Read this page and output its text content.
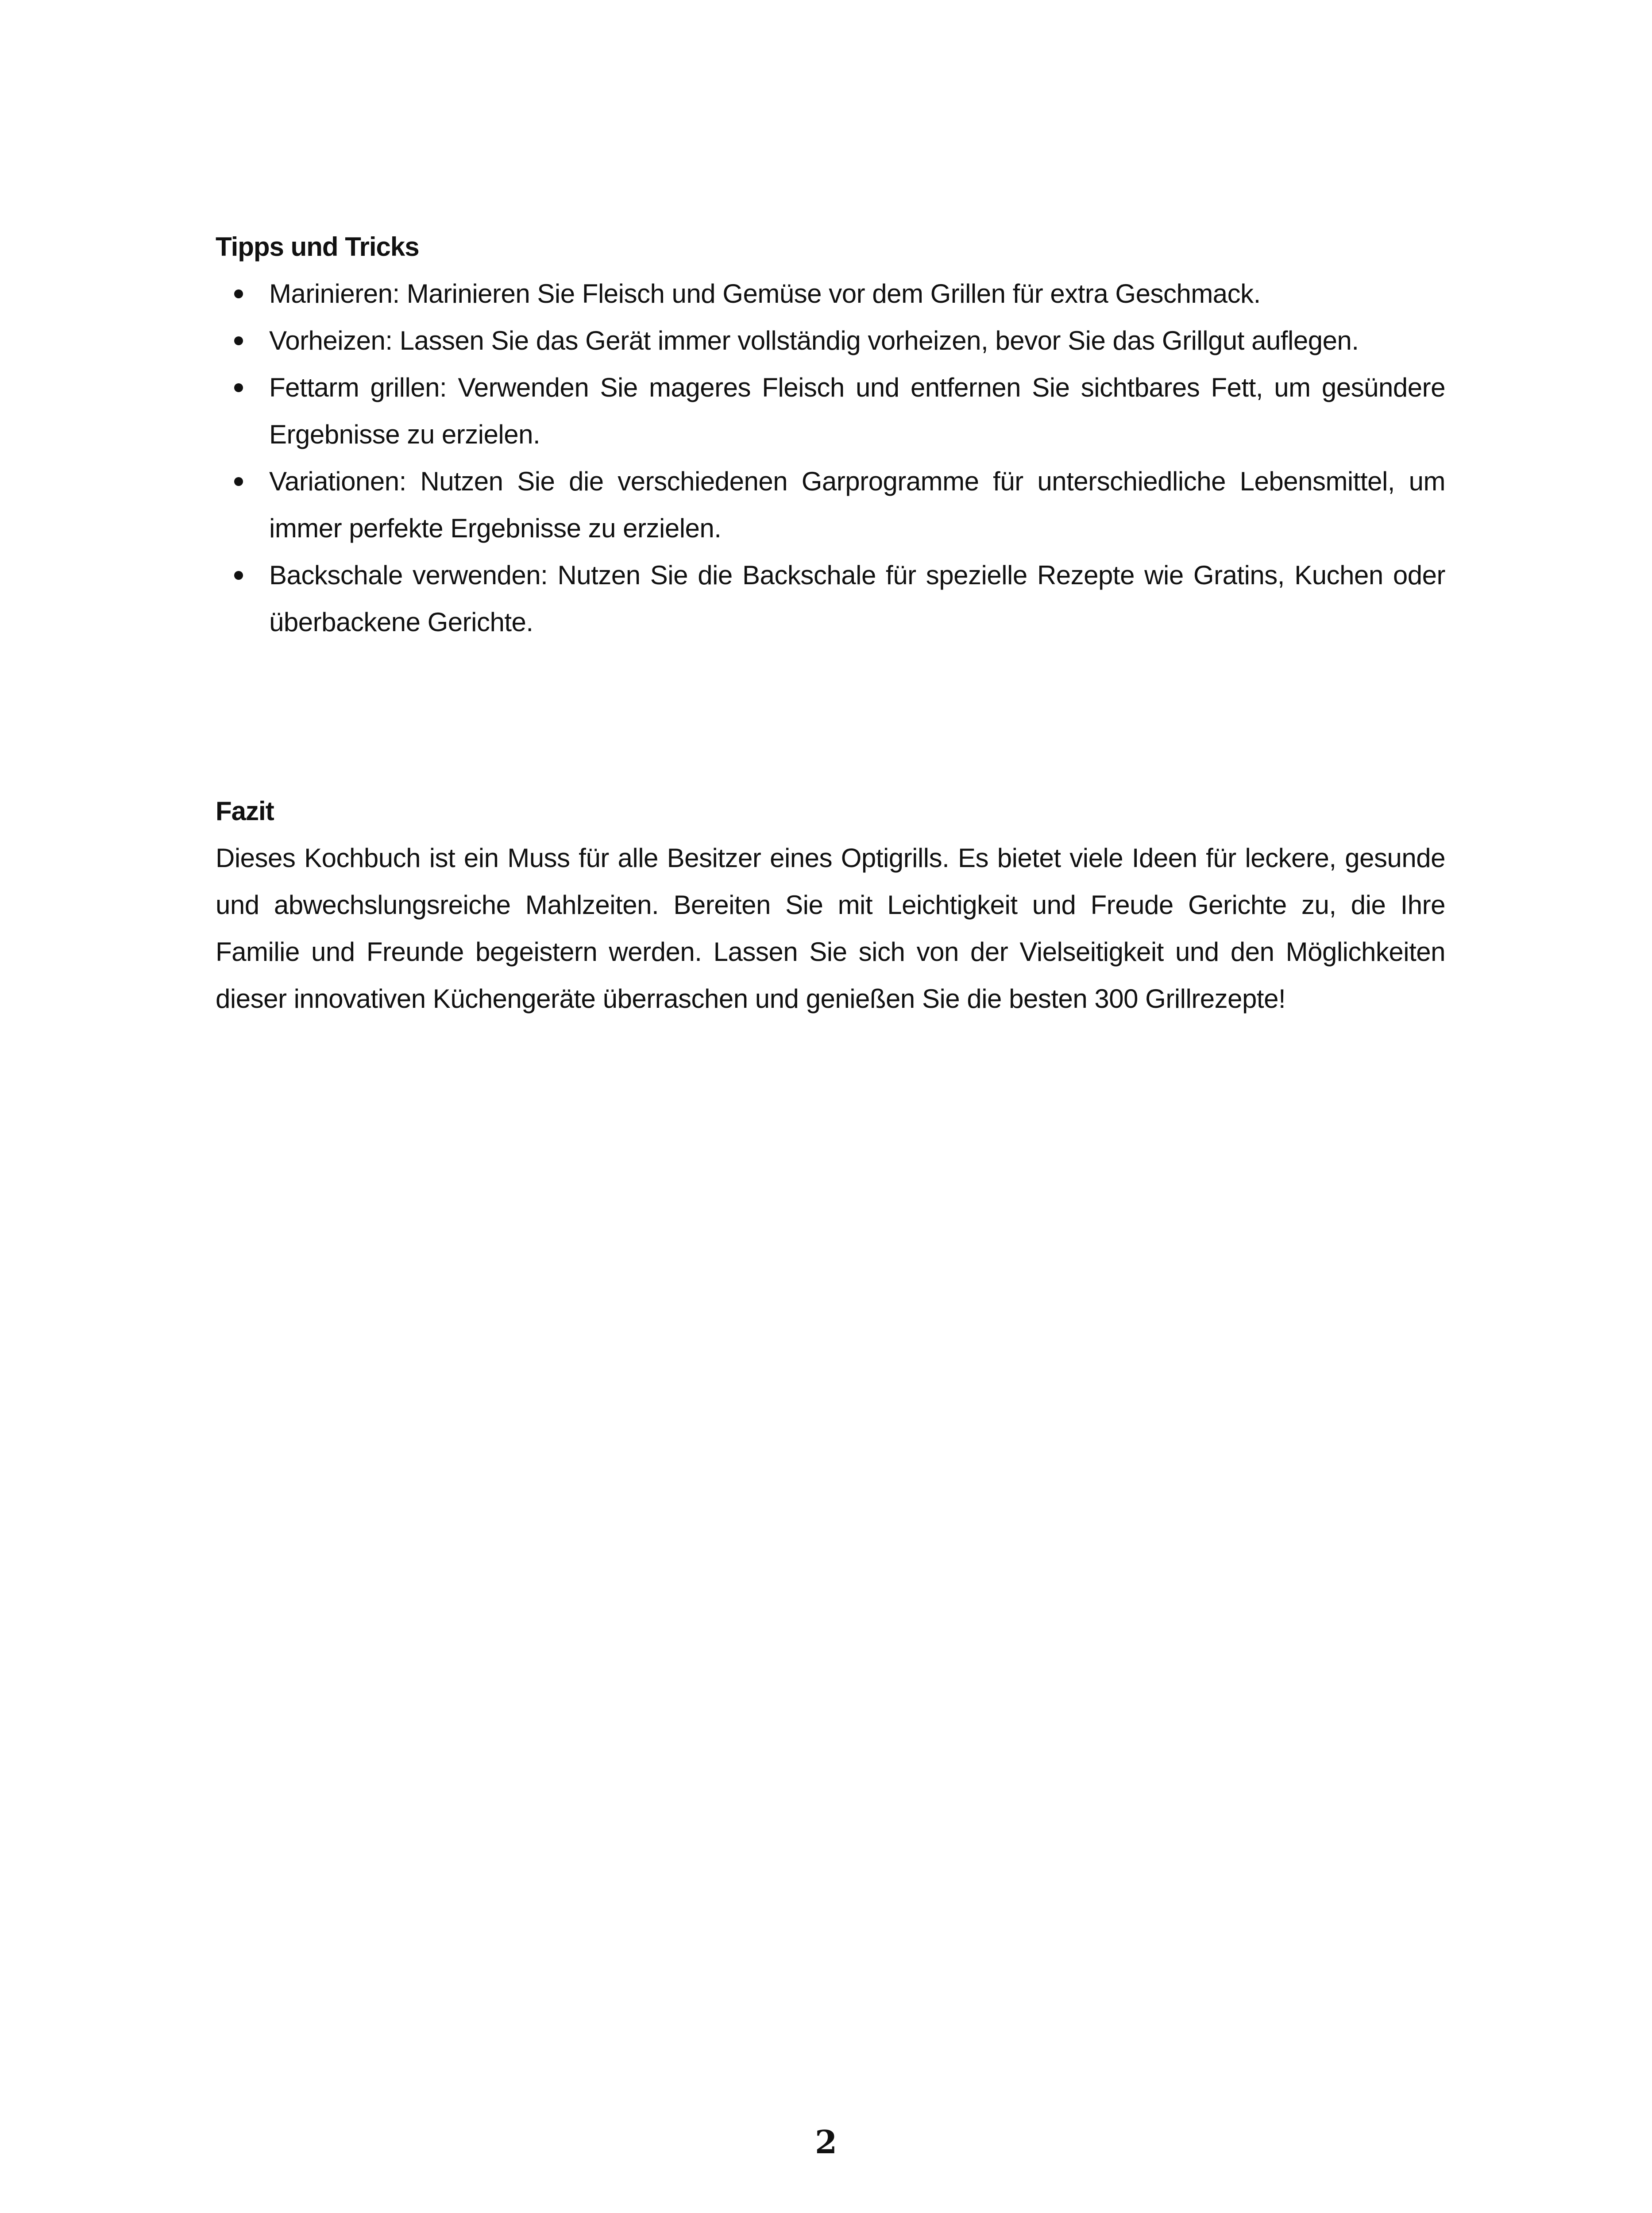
Tipps und Tricks
Marinieren: Marinieren Sie Fleisch und Gemüse vor dem Grillen für extra Geschmack.
Vorheizen: Lassen Sie das Gerät immer vollständig vorheizen, bevor Sie das Grillgut auflegen.
Fettarm grillen: Verwenden Sie mageres Fleisch und entfernen Sie sichtbares Fett, um gesündere Ergebnisse zu erzielen.
Variationen: Nutzen Sie die verschiedenen Garprogramme für unterschiedliche Lebensmittel, um immer perfekte Ergebnisse zu erzielen.
Backschale verwenden: Nutzen Sie die Backschale für spezielle Rezepte wie Gratins, Kuchen oder überbackene Gerichte.
Fazit

Dieses Kochbuch ist ein Muss für alle Besitzer eines Optigrills. Es bietet viele Ideen für leckere, gesunde und abwechslungsreiche Mahlzeiten. Bereiten Sie mit Leichtigkeit und Freude Gerichte zu, die Ihre Familie und Freunde begeistern werden. Lassen Sie sich von der Vielseitigkeit und den Möglichkeiten dieser innovativen Küchengeräte überraschen und genießen Sie die besten 300 Grillrezepte!

2
